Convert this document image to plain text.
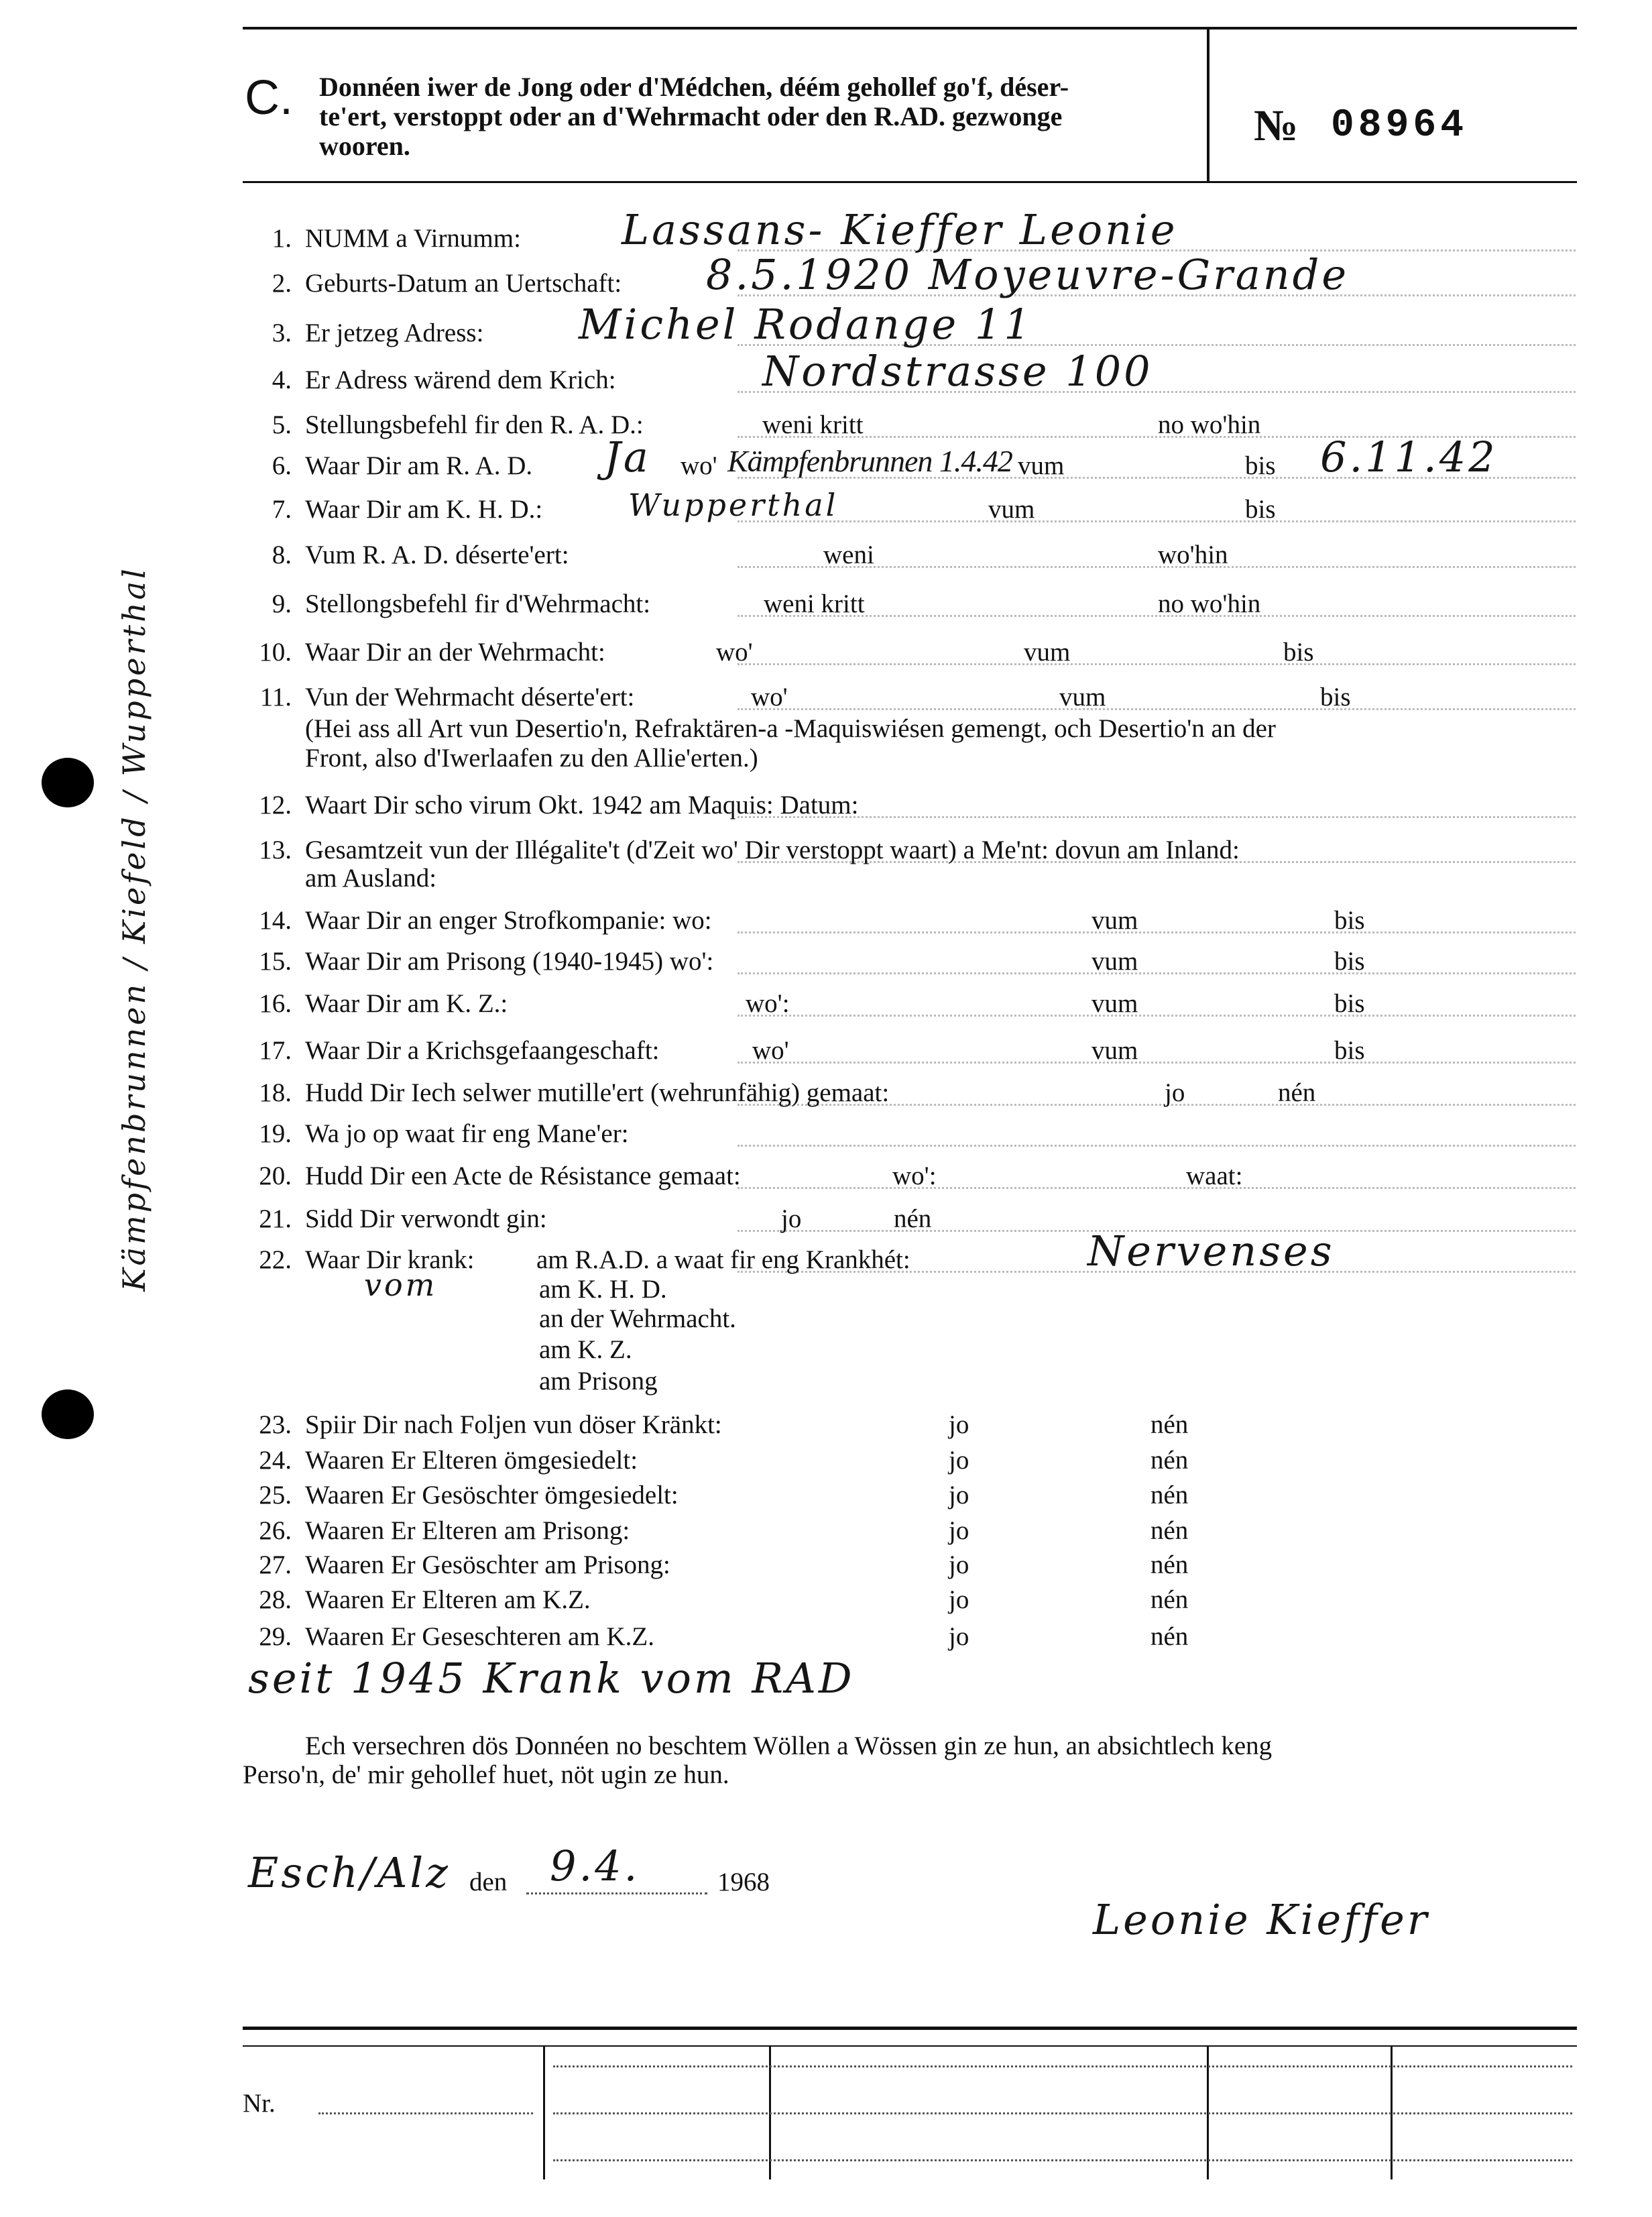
C. Donnéen iwer de Jong oder d'Médchen, déém gehollef go'f, déser-
te'ert, verstoppt oder an d'Wehrmacht oder den R.AD. gezwonge
wooren.	№ 08964
Kämpfenbrunnen / Kiefeld / Wupperthal
1. NUMM a Virnumm: Lassans- Kieffer Leonie
2. Geburts-Datum an Uertschaft: 8.5.1920 Moyeuvre-Grande
3. Er jetzeg Adress: Michel Rodange 11
4. Er Adress wärend dem Krich:	Nordstrasse 100
5. Stellungsbefehl fir den R. A. D.:	weni kritt	no wo'hin
6. Waar Dir am R. A. D. Ja wo' Kämpfenbrunnen 1.4.42 vum	bis 6.11.42
7. Waar Dir am K. H. D.:	Wupperthal	vum	bis
8. Vum R. A. D. déserte'ert:	weni	wo'hin
9. Stellongsbefehl fir d'Wehrmacht:	weni kritt	no wo'hin
10. Waar Dir an der Wehrmacht:	wo'	vum	bis
11. Vun der Wehrmacht déserte'ert:	wo'	vum	bis
(Hei ass all Art vun Desertio'n, Refraktären-a -Maquiswiésen gemengt, och Desertio'n an der
Front, also d'Iwerlaafen zu den Allie'erten.)
12. Waart Dir scho virum Okt. 1942 am Maquis: Datum:
13. Gesamtzeit vun der Illégalite't (d'Zeit wo' Dir verstoppt waart) a Me'nt: dovun am Inland:
am Ausland:
14. Waar Dir an enger Strofkompanie: wo:	vum	bis
15. Waar Dir am Prisong (1940-1945) wo':	vum	bis
16. Waar Dir am K. Z.:	wo':	vum	bis
17. Waar Dir a Krichsgefaangeschaft:	wo'	vum	bis
18. Hudd Dir Iech selwer mutille'ert (wehrunfähig) gemaat:	jo	nén
19. Wa jo op waat fir eng Mane'er:
20. Hudd Dir een Acte de Résistance gemaat:	wo':	waat:
21. Sidd Dir verwondt gin:	jo	nén
22. Waar Dir krank: am R.A.D. a waat fir eng Krankhét:	Nervenses
vom	am K. H. D.
an der Wehrmacht.
am K. Z.
am Prisong
23. Spiir Dir nach Foljen vun döser Kränkt:	jo	nén
24. Waaren Er Elteren ömgesiedelt:	jo	nén
25. Waaren Er Gesöschter ömgesiedelt:	jo	nén
26. Waaren Er Elteren am Prisong:	jo	nén
27. Waaren Er Gesöschter am Prisong:	jo	nén
28. Waaren Er Elteren am K.Z.	jo	nén
29. Waaren Er Geseschteren am K.Z.	jo	nén
seit 1945 Krank vom RAD
Ech versechren dös Donnéen no beschtem Wöllen a Wössen gin ze hun, an absichtlech keng
Perso'n, de' mir gehollef huet, nöt ugin ze hun.
Esch/Alz den 9.4.	1968
Leonie Kieffer
Nr.
